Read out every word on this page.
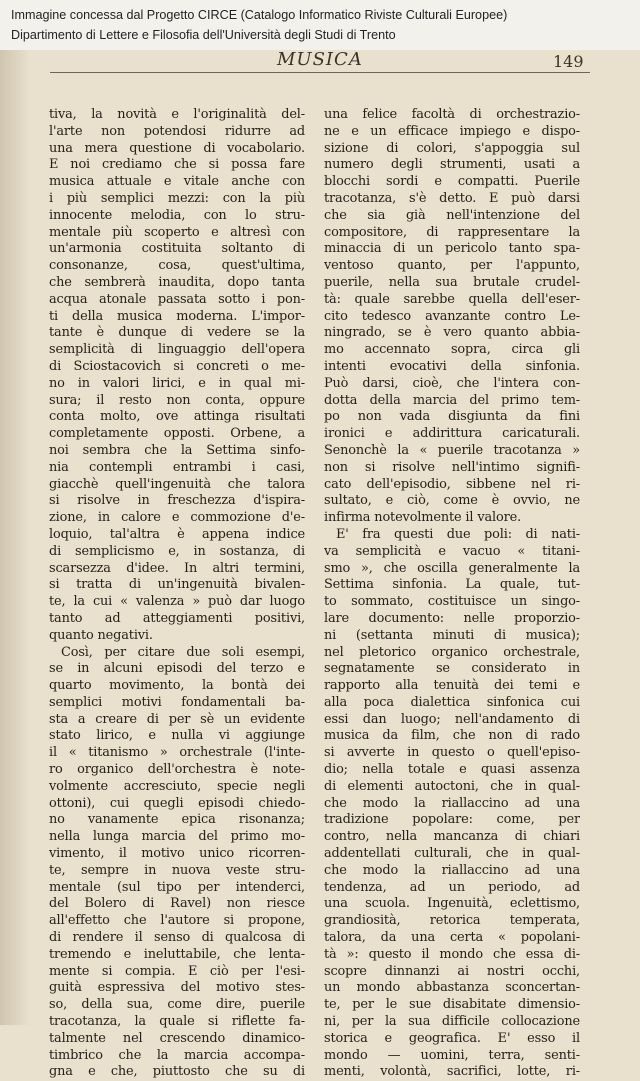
Immagine concessa dal Progetto CIRCE (Catalogo Informatico Riviste Culturali Europee)
Dipartimento di Lettere e Filosofia dell'Università degli Studi di Trento
MUSICA	149
tiva, la novità e l'originalità del-
l'arte non potendosi ridurre ad
una mera questione di vocabolario.
E noi crediamo che si possa fare
musica attuale e vitale anche con
i più semplici mezzi: con la più
innocente melodia, con lo stru-
mentale più scoperto e altresì con
un'armonia costituita soltanto di
consonanze, cosa, quest'ultima,
che sembrerà inaudita, dopo tanta
acqua atonale passata sotto i pon-
ti della musica moderna. L'impor-
tante è dunque di vedere se la
semplicità di linguaggio dell'opera
di Sciostacovich si concreti o me-
no in valori lirici, e in qual mi-
sura; il resto non conta, oppure
conta molto, ove attinga risultati
completamente opposti. Orbene, a
noi sembra che la Settima sinfo-
nia contempli entrambi i casi,
giacchè quell'ingenuità che talora
si risolve in freschezza d'ispira-
zione, in calore e commozione d'e-
loquio, tal'altra è appena indice
di semplicismo e, in sostanza, di
scarsezza d'idee. In altri termini,
si tratta di un'ingenuità bivalen-
te, la cui « valenza » può dar luogo
tanto ad atteggiamenti positivi,
quanto negativi.
Così, per citare due soli esempi,
se in alcuni episodi del terzo e
quarto movimento, la bontà dei
semplici motivi fondamentali ba-
sta a creare di per sè un evidente
stato lirico, e nulla vi aggiunge
il « titanismo » orchestrale (l'inte-
ro organico dell'orchestra è note-
volmente accresciuto, specie negli
ottoni), cui quegli episodi chiedo-
no vanamente epica risonanza;
nella lunga marcia del primo mo-
vimento, il motivo unico ricorren-
te, sempre in nuova veste stru-
mentale (sul tipo per intenderci,
del Bolero di Ravel) non riesce
all'effetto che l'autore si propone,
di rendere il senso di qualcosa di
tremendo e ineluttabile, che lenta-
mente si compia. E ciò per l'esi-
guità espressiva del motivo stes-
so, della sua, come dire, puerile
tracotanza, la quale si riflette fa-
talmente nel crescendo dinamico-
timbrico che la marcia accompa-
gna e che, piuttosto che su di
una felice facoltà di orchestrazio-
ne e un efficace impiego e dispo-
sizione di colori, s'appoggia sul
numero degli strumenti, usati a
blocchi sordi e compatti. Puerile
tracotanza, s'è detto. E può darsi
che sia già nell'intenzione del
compositore, di rappresentare la
minaccia di un pericolo tanto spa-
ventoso quanto, per l'appunto,
puerile, nella sua brutale crudel-
tà: quale sarebbe quella dell'eser-
cito tedesco avanzante contro Le-
ningrado, se è vero quanto abbia-
mo accennato sopra, circa gli
intenti evocativi della sinfonia.
Può darsi, cioè, che l'intera con-
dotta della marcia del primo tem-
po non vada disgiunta da fini
ironici e addirittura caricaturali.
Senonchè la « puerile tracotanza »
non si risolve nell'intimo signifi-
cato dell'episodio, sibbene nel ri-
sultato, e ciò, come è ovvio, ne
infirma notevolmente il valore.
E' fra questi due poli: di nati-
va semplicità e vacuo « titani-
smo », che oscilla generalmente la
Settima sinfonia. La quale, tut-
to sommato, costituisce un singo-
lare documento: nelle proporzio-
ni (settanta minuti di musica);
nel pletorico organico orchestrale,
segnatamente se considerato in
rapporto alla tenuità dei temi e
alla poca dialettica sinfonica cui
essi dan luogo; nell'andamento di
musica da film, che non di rado
si avverte in questo o quell'episo-
dio; nella totale e quasi assenza
di elementi autoctoni, che in qual-
che modo la riallaccino ad una
tradizione popolare: come, per
contro, nella mancanza di chiari
addentellati culturali, che in qual-
che modo la riallaccino ad una
tendenza, ad un periodo, ad
una scuola. Ingenuità, eclettismo,
grandiosità, retorica temperata,
talora, da una certa « popolani-
tà »: questo il mondo che essa di-
scopre dinnanzi ai nostri occhi,
un mondo abbastanza sconcertan-
te, per le sue disabitate dimensio-
ni, per la sua difficile collocazione
storica e geografica. E' esso il
mondo — uomini, terra, senti-
menti, volontà, sacrifici, lotte, ri-
